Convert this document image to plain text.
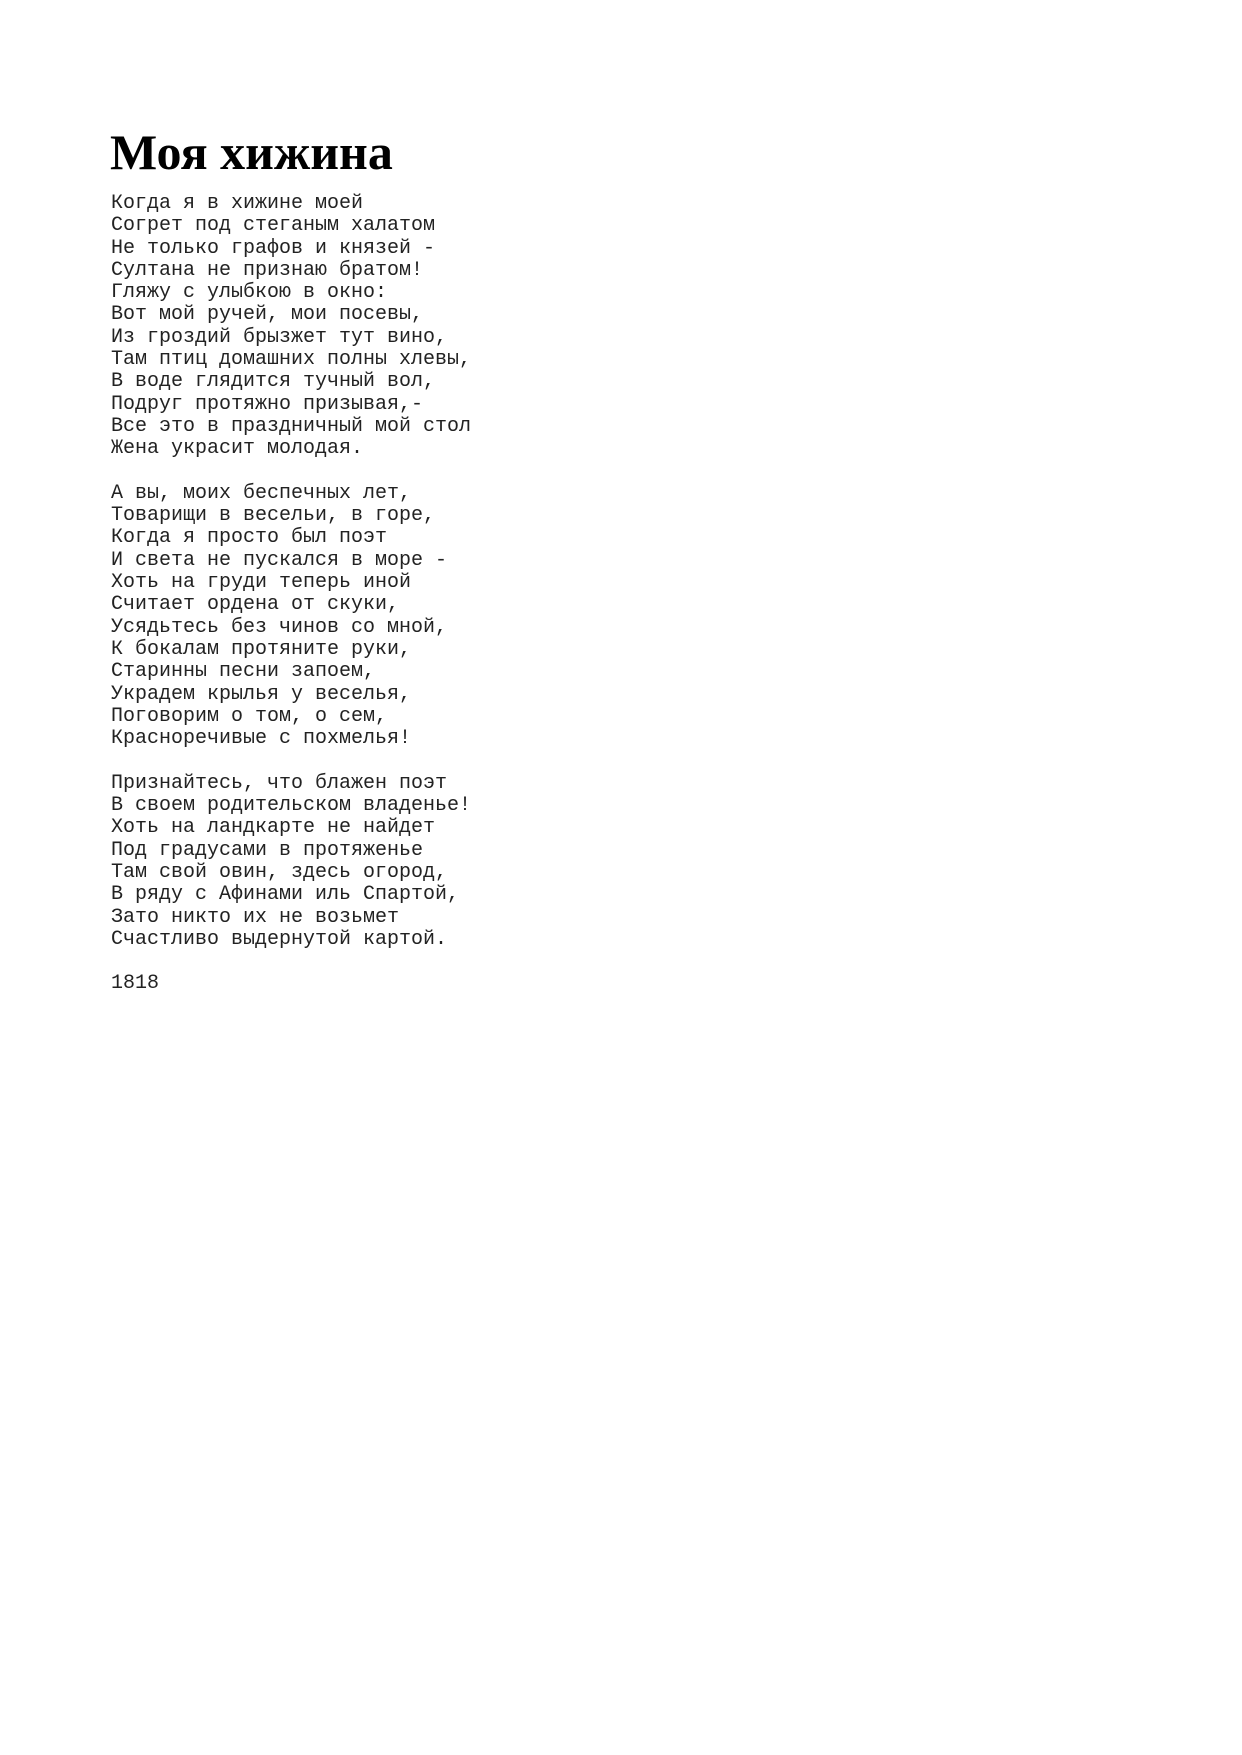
Моя хижина
Когда я в хижине моей
Согрет под стеганым халатом
Не только графов и князей -
Султана не признаю братом!
Гляжу с улыбкою в окно:
Вот мой ручей, мои посевы,
Из гроздий брызжет тут вино,
Там птиц домашних полны хлевы,
В воде глядится тучный вол,
Подруг протяжно призывая,-
Все это в праздничный мой стол
Жена украсит молодая.
А вы, моих беспечных лет,
Товарищи в весельи, в горе,
Когда я просто был поэт
И света не пускался в море -
Хоть на груди теперь иной
Считает ордена от скуки,
Усядьтесь без чинов со мной,
К бокалам протяните руки,
Старинны песни запоем,
Украдем крылья у веселья,
Поговорим о том, о сем,
Красноречивые с похмелья!
Признайтесь, что блажен поэт
В своем родительском владенье!
Хоть на ландкарте не найдет
Под градусами в протяженье
Там свой овин, здесь огород,
В ряду с Афинами иль Спартой,
Зато никто их не возьмет
Счастливо выдернутой картой.
1818
